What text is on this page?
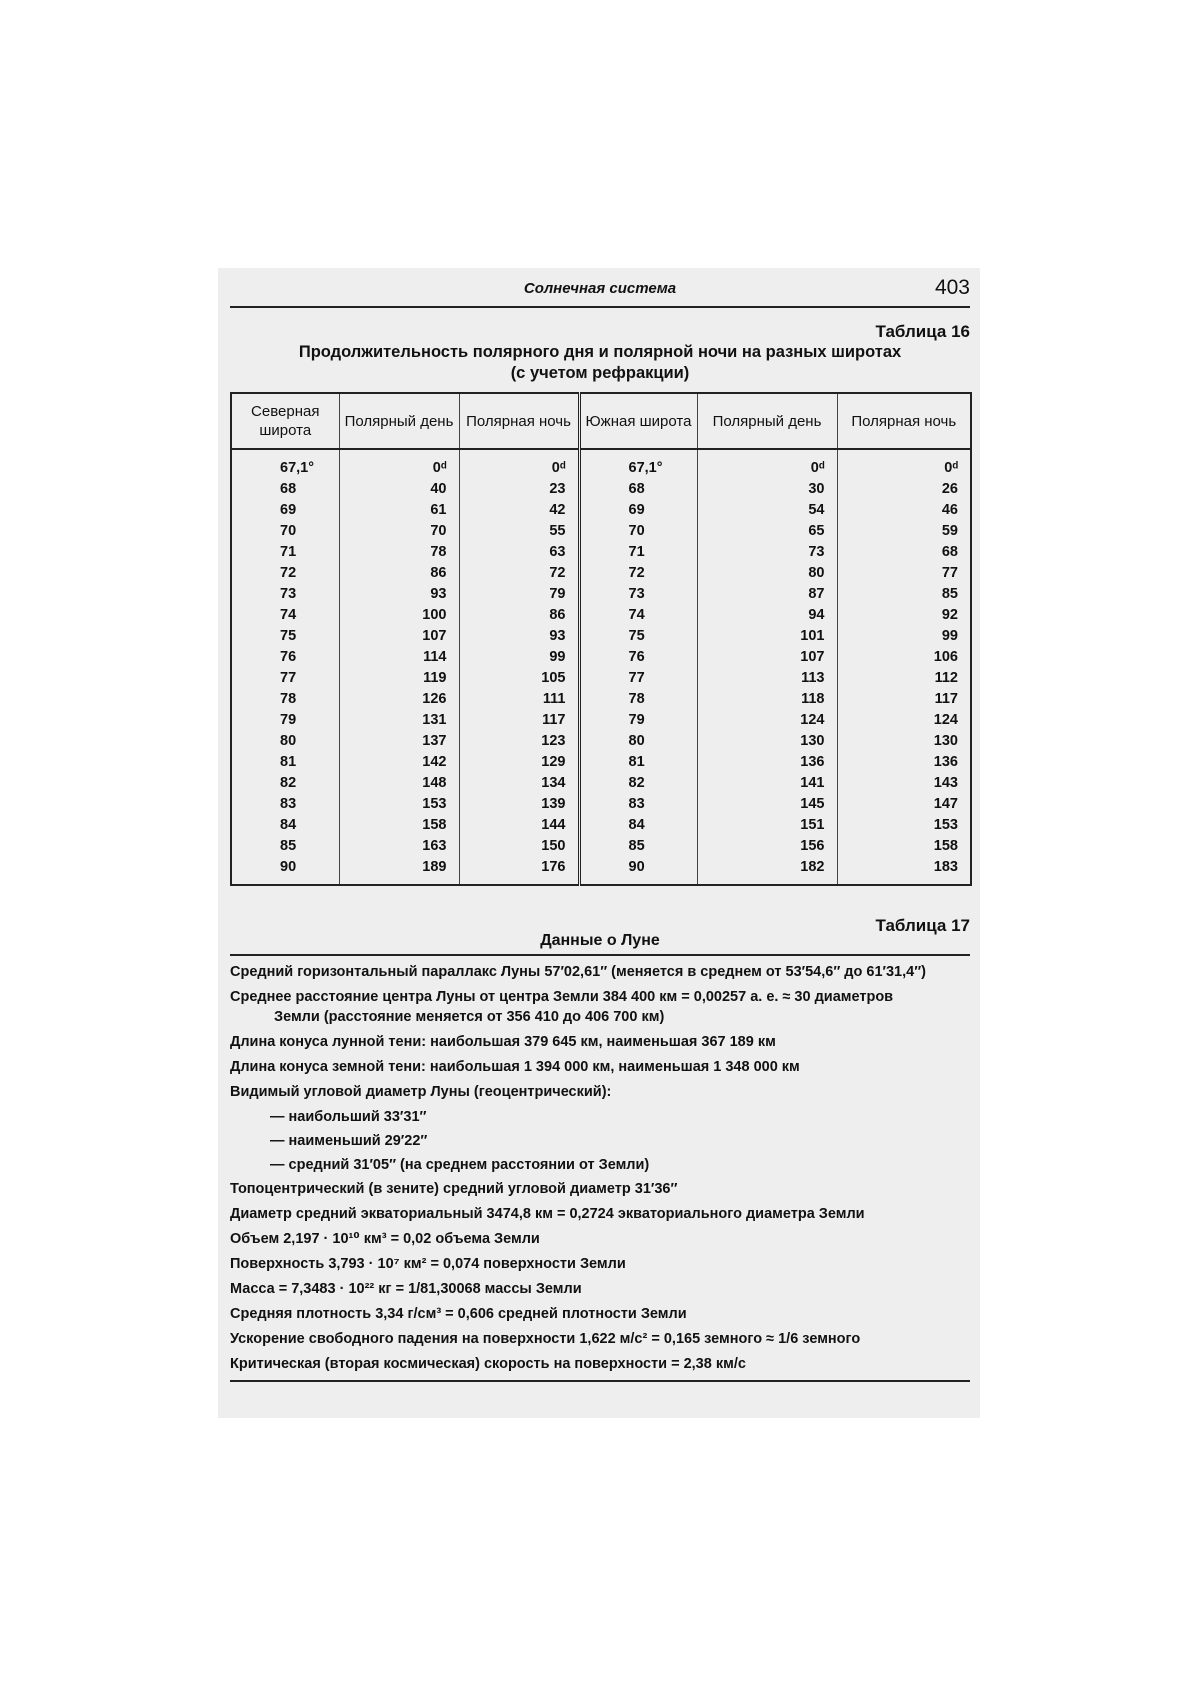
Солнечная система	403
Таблица 16
Продолжительность полярного дня и полярной ночи на разных широтах
(с учетом рефракции)
Северная широта	Полярный день	Полярная ночь	Южная широта	Полярный день	Полярная ночь
67,1°	0ᵈ	0ᵈ	67,1°	0ᵈ	0ᵈ
68	40	23	68	30	26
69	61	42	69	54	46
70	70	55	70	65	59
71	78	63	71	73	68
72	86	72	72	80	77
73	93	79	73	87	85
74	100	86	74	94	92
75	107	93	75	101	99
76	114	99	76	107	106
77	119	105	77	113	112
78	126	111	78	118	117
79	131	117	79	124	124
80	137	123	80	130	130
81	142	129	81	136	136
82	148	134	82	141	143
83	153	139	83	145	147
84	158	144	84	151	153
85	163	150	85	156	158
90	189	176	90	182	183
Таблица 17
Данные о Луне
Средний горизонтальный параллакс Луны 57′02,61″ (меняется в среднем от 53′54,6″ до 61′31,4″)
Среднее расстояние центра Луны от центра Земли 384 400 км = 0,00257 а. е. ≈ 30 диаметров
Земли (расстояние меняется от 356 410 до 406 700 км)
Длина конуса лунной тени: наибольшая 379 645 км, наименьшая 367 189 км
Длина конуса земной тени: наибольшая 1 394 000 км, наименьшая 1 348 000 км
Видимый угловой диаметр Луны (геоцентрический):
— наибольший 33′31″
— наименьший 29′22″
— средний 31′05″ (на среднем расстоянии от Земли)
Топоцентрический (в зените) средний угловой диаметр 31′36″
Диаметр средний экваториальный 3474,8 км = 0,2724 экваториального диаметра Земли
Объем 2,197 · 10¹⁰ км³ = 0,02 объема Земли
Поверхность 3,793 · 10⁷ км² = 0,074 поверхности Земли
Масса = 7,3483 · 10²² кг = 1/81,30068 массы Земли
Средняя плотность 3,34 г/см³ = 0,606 средней плотности Земли
Ускорение свободного падения на поверхности 1,622 м/с² = 0,165 земного ≈ 1/6 земного
Критическая (вторая космическая) скорость на поверхности = 2,38 км/с
